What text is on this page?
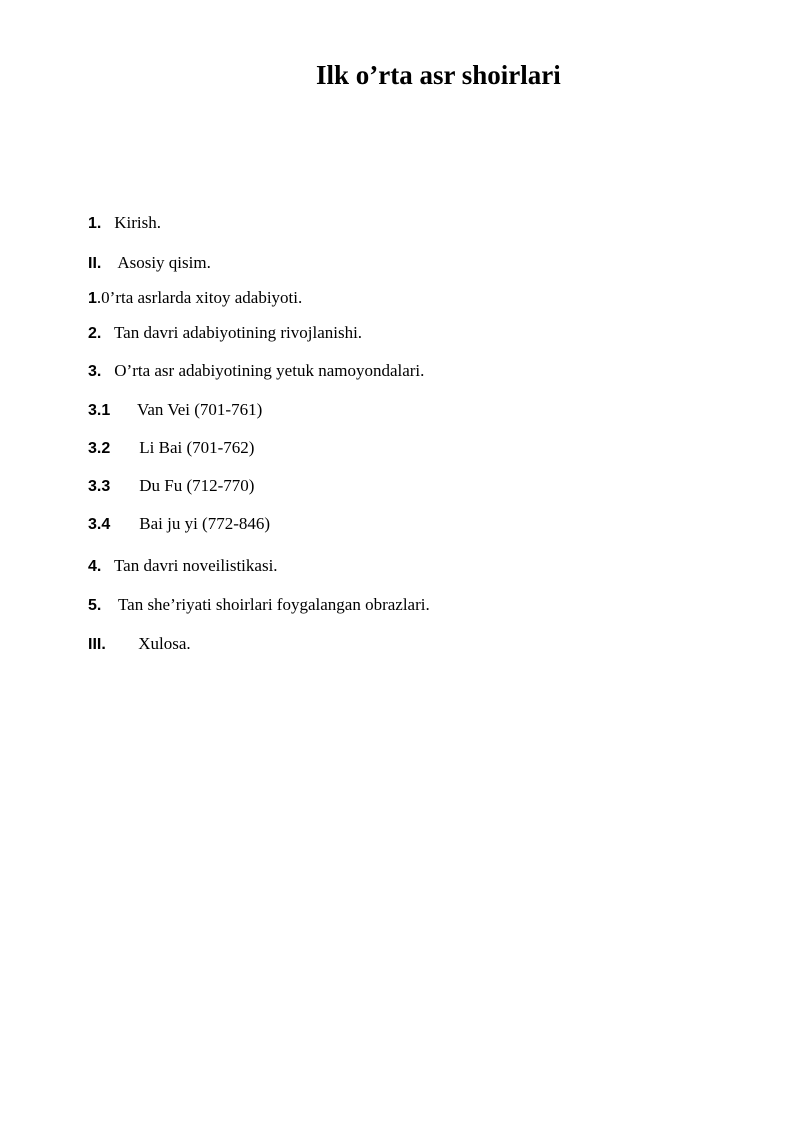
Ilk o’rta asr shoirlari
1. Kirish.
II. Asosiy qisim.
1.0’rta asrlarda xitoy adabiyoti.
2. Tan davri adabiyotining rivojlanishi.
3. O’rta asr adabiyotining yetuk namoyondalari.
3.1 Van Vei (701-761)
3.2 Li Bai (701-762)
3.3 Du Fu (712-770)
3.4 Bai ju yi (772-846)
4. Tan davri noveilistikasi.
5. Tan she’riyati shoirlari foygalangan obrazlari.
III. Xulosa.
